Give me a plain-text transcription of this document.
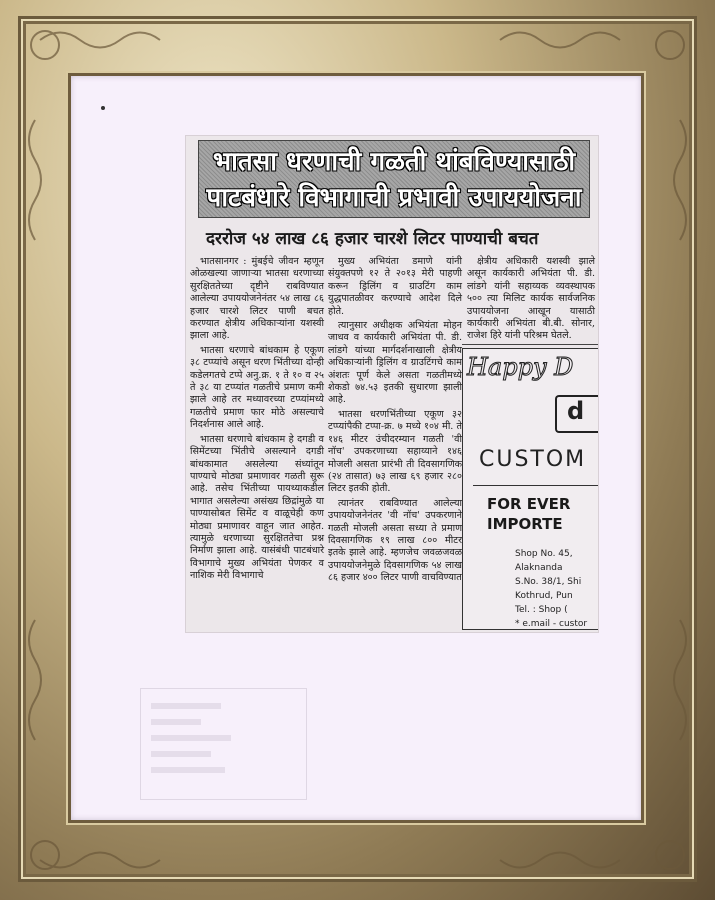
भातसा धरणाची गळती थांबविण्यासाठी
पाटबंधारे विभागाची प्रभावी उपाययोजना
दररोज ५४ लाख ८६ हजार चारशे लिटर पाण्याची बचत

भातसानगर : मुंबईचे जीवन म्हणून ओळखल्या जाणाऱ्या भातसा धरणाच्या सुरक्षिततेच्या दृष्टीने राबविण्यात आलेल्या उपाययोजनेनंतर ५४ लाख ८६ हजार चारशे लिटर पाणी बचत करण्यात क्षेत्रीय अधिकाऱ्यांना यशस्वी झाला आहे.

भातसा धरणाचे बांधकाम हे एकूण ३८ टप्प्यांचे असून धरण भिंतीच्या दोन्ही कडेलगतचे टप्पे अनु.क्र. १ ते १० व २५ ते ३८ या टप्प्यांत गळतीचे प्रमाण कमी झाले आहे तर मध्यावरच्या टप्प्यांमध्ये गळतीचे प्रमाण फार मोठे असल्याचे निदर्शनास आले आहे.

भातसा धरणाचे बांधकाम हे दगडी व सिमेंटच्या भिंतीचे असल्याने दगडी बांधकामात असलेल्या संध्यांतून पाण्याचे मोठ्या प्रमाणावर गळती सुरू आहे. तसेच भिंतीच्या पायथ्याकडील भागात असलेल्या असंख्य छिद्रांमुळे या पाण्यासोबत सिमेंट व वाळूचेही कण मोठ्या प्रमाणावर वाहून जात आहेत. त्यामुळे धरणाच्या सुरक्षिततेचा प्रश्न निर्माण झाला आहे. यासंबंधी पाटबंधारे विभागाचे मुख्य अभियंता पेणकर व नाशिक मेरी विभागाचे

मुख्य अभियंता डमाणे यांनी संयुक्तपणे १२ ते २०१३ मेरी पाहणी करून ड्रिलिंग व ग्राउटिंग काम युद्धपातळीवर करण्याचे आदेश दिले होते.

त्यानुसार अधीक्षक अभियंता मोहन जाधव व कार्यकारी अभियंता पी. डी. लांडगे यांच्या मार्गदर्शनाखाली क्षेत्रीय अधिकाऱ्यांनी ड्रिलिंग व ग्राउटिंगचे काम अंशतः पूर्ण केले असता गळतीमध्ये शेकडो ७४.५३ इतकी सुधारणा झाली आहे.

भातसा धरणभिंतीच्या एकूण ३२ टप्प्यांपैकी टप्पा-क्र. ७ मध्ये १०४ मी. ते १४६ मीटर उंचीदरम्यान गळती 'वी नॉच' उपकरणाच्या सहाय्याने १४६ मोजली असता प्रारंभी ती दिवसागणिक (२४ तासात) ७३ लाख ६९ हजार २८० लिटर इतकी होती.

त्यानंतर राबविण्यात आलेल्या उपाययोजनेनंतर 'वी नॉच' उपकरणाने गळती मोजली असता सध्या ते प्रमाण दिवसागणिक १९ लाख ८०० मीटर इतके झाले आहे. म्हणजेच जवळजवळ उपाययोजनेमुळे दिवसागणिक ५४ लाख ८६ हजार ४०० लिटर पाणी वाचविण्यात

क्षेत्रीय अधिकारी यशस्वी झाले असून कार्यकारी अभियंता पी. डी. लांडगे यांनी सहाय्यक व्यवस्थापक ५०० त्या मिलिट कार्यक सार्वजनिक उपाययोजना आखून यासाठी कार्यकारी अभियंता बी.बी. सोनार, राजेश हिरे यांनी परिश्रम घेतले.

Happy D
d
CUSTOM
FOR EVER
IMPORTE
Shop No. 45,
Alaknanda
S.No. 38/1, Shi
Kothrud, Pun
Tel. : Shop (
* e.mail - custor
